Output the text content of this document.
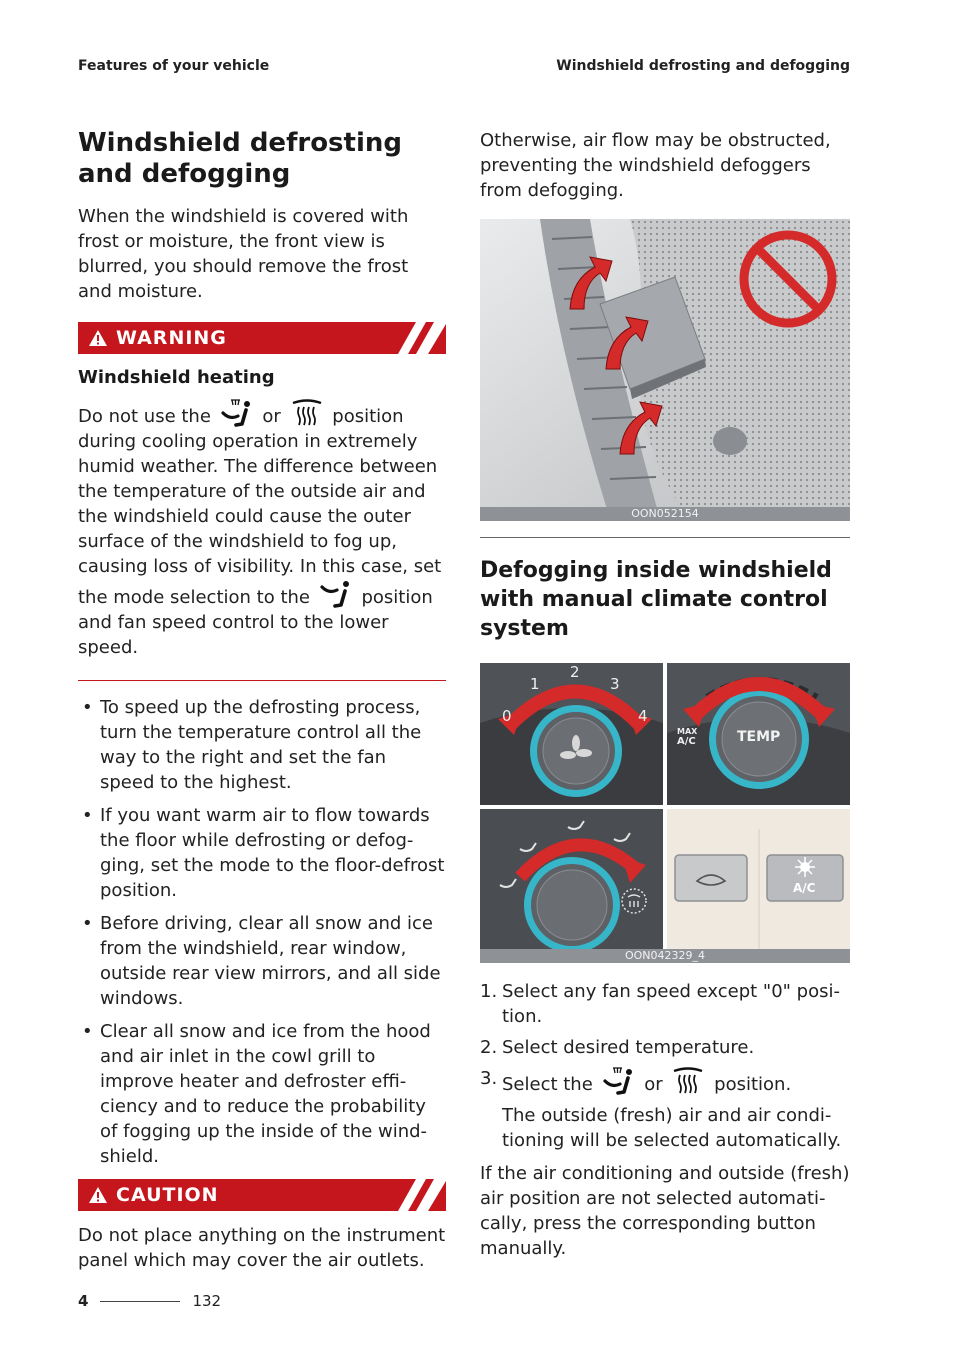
Features of your vehicle	Windshield defrosting and defogging
Windshield defrosting and defogging

When the windshield is covered with frost or moisture, the front view is blurred, you should remove the frost and moisture.

WARNING
Windshield heating

Do not use the	or	position during cooling operation in extremely humid weather. The difference between the temperature of the outside air and the windshield could cause the outer surface of the windshield to fog up, causing loss of visibility. In this case, set the mode selection to the	position and fan speed control to the lower speed.

• To speed up the defrosting process, turn the temperature control all the way to the right and set the fan speed to the highest.
• If you want warm air to flow towards the floor while defrosting or defog-ging, set the mode to the floor-defrost position.
• Before driving, clear all snow and ice from the windshield, rear window, outside rear view mirrors, and all side windows.
• Clear all snow and ice from the hood and air inlet in the cowl grill to improve heater and defroster effi-ciency and to reduce the probability of fogging up the inside of the wind-shield.
CAUTION

Do not place anything on the instrument panel which may cover the air outlets.

Otherwise, air flow may be obstructed, preventing the windshield defoggers from defogging.

OON052154
Defogging inside windshield with manual climate control system
0
1
2
3
4
MAX
A/C	TEMP
A/C
OON042329_4
1. Select any fan speed except "0" posi-tion.
2. Select desired temperature.
3. Select the	or	position.

The outside (fresh) air and air condi-tioning will be selected automatically.

If the air conditioning and outside (fresh) air position are not selected automati-cally, press the corresponding button manually.

4	132
